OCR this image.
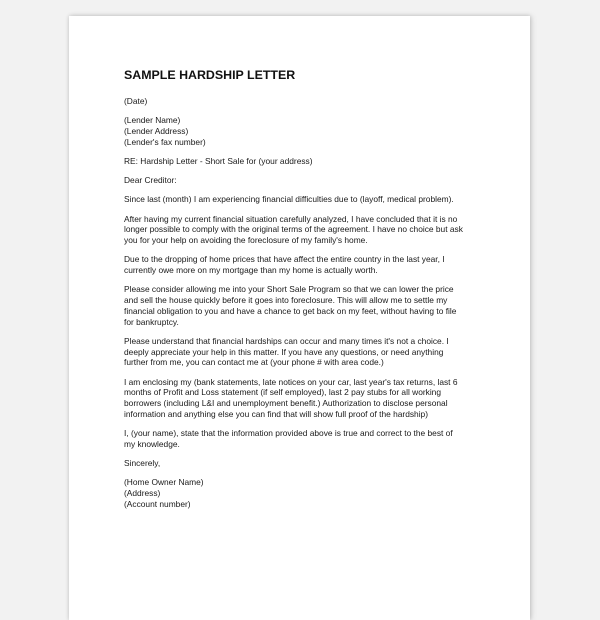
SAMPLE HARDSHIP LETTER
(Date)
(Lender Name)
(Lender Address)
(Lender's fax number)
RE: Hardship Letter - Short Sale for (your address)
Dear Creditor:
Since last (month) I am experiencing financial difficulties due to (layoff, medical problem).
After having my current financial situation carefully analyzed, I have concluded that it is no
longer possible to comply with the original terms of the agreement. I have no choice but ask
you for your help on avoiding the foreclosure of my family's home.
Due to the dropping of home prices that have affect the entire country in the last year, I
currently owe more on my mortgage than my home is actually worth.
Please consider allowing me into your Short Sale Program so that we can lower the price
and sell the house quickly before it goes into foreclosure. This will allow me to settle my
financial obligation to you and have a chance to get back on my feet, without having to file
for bankruptcy.
Please understand that financial hardships can occur and many times it's not a choice. I
deeply appreciate your help in this matter. If you have any questions, or need anything
further from me, you can contact me at (your phone # with area code.)
I am enclosing my (bank statements, late notices on your car, last year's tax returns, last 6
months of Profit and Loss statement (if self employed), last 2 pay stubs for all working
borrowers (including L&I and unemployment benefit.) Authorization to disclose personal
information and anything else you can find that will show full proof of the hardship)
I, (your name), state that the information provided above is true and correct to the best of
my knowledge.
Sincerely,
(Home Owner Name)
(Address)
(Account number)
